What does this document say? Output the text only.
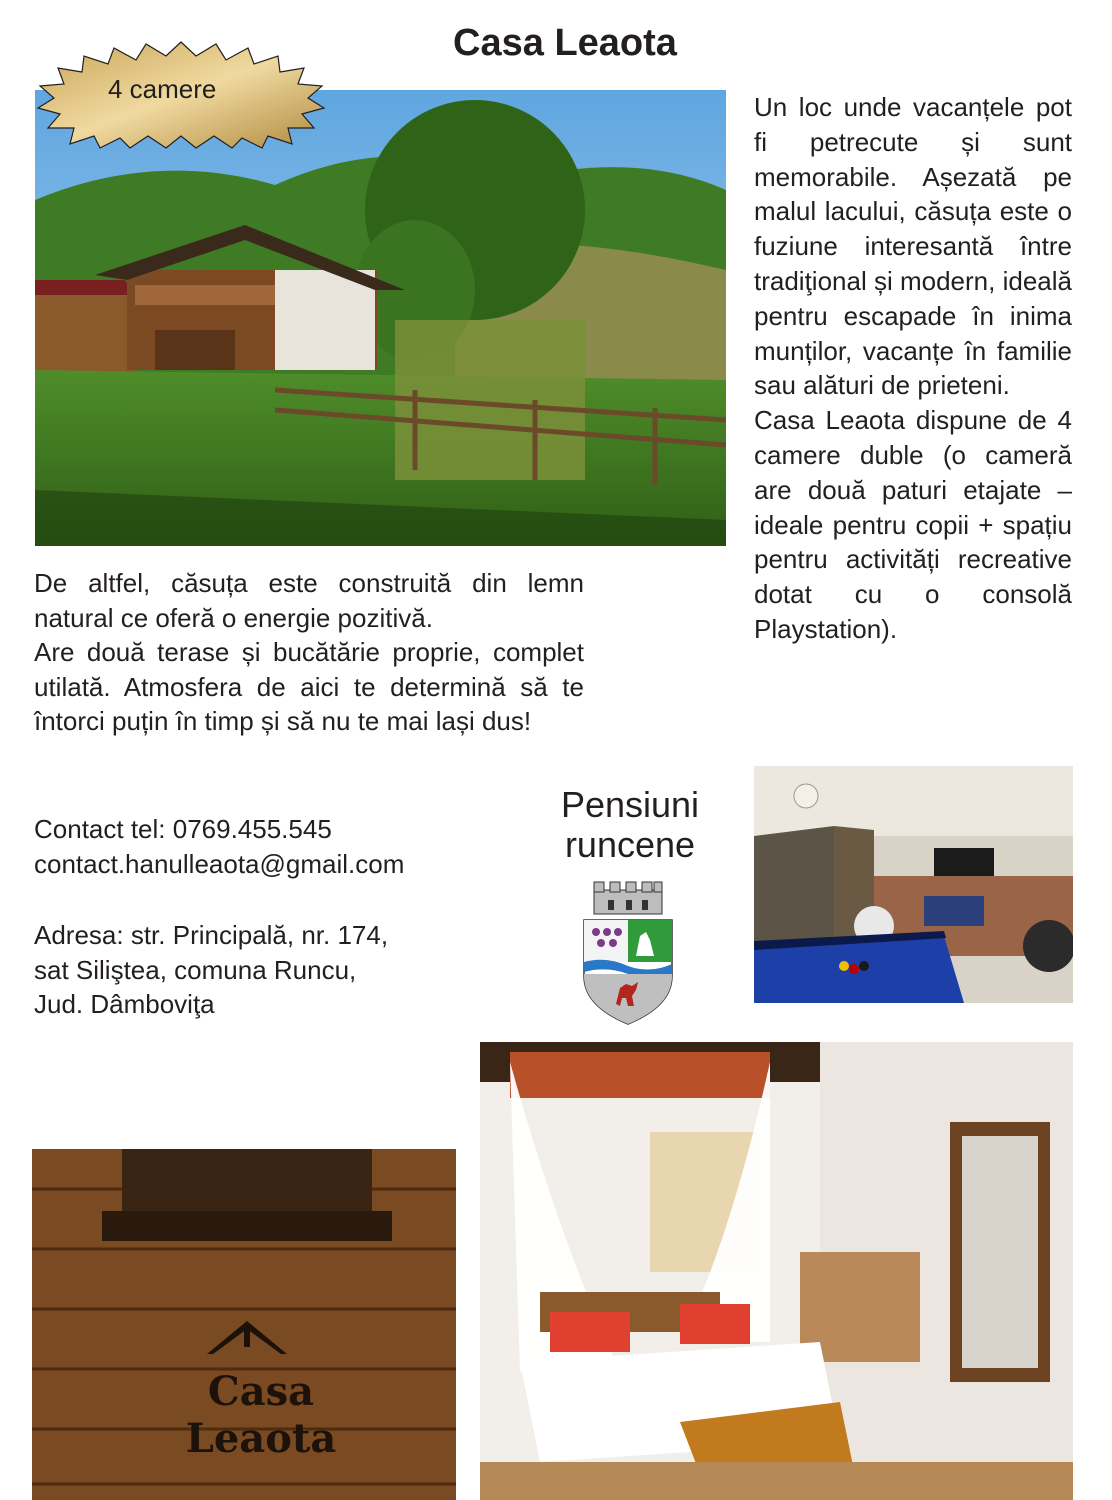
Casa Leaota
4 camere

Un loc unde vacanțele pot fi petrecute și sunt memorabile. Așezată pe malul lacului, căsuța este o fuziune interesantă între tradiţional și modern, ideală pentru escapade în inima munților, vacanțe în familie sau alături de prieteni.

Casa Leaota dispune de 4 camere duble (o cameră are două paturi etajate – ideale pentru copii + spațiu pentru activități recreative dotat cu o consolă Playstation).

De altfel, căsuța este construită din lemn natural ce oferă o energie pozitivă.

Are două terase și bucătărie proprie, complet utilată. Atmosfera de aici te determină să te întorci puțin în timp și să nu te mai lași dus!

Contact tel: 0769.455.545

contact.hanulleaota@gmail.com

Adresa: str. Principală, nr. 174,

sat Siliştea, comuna Runcu,

Jud. Dâmboviţa

Pensiuni
runcene
Casa Leaota
